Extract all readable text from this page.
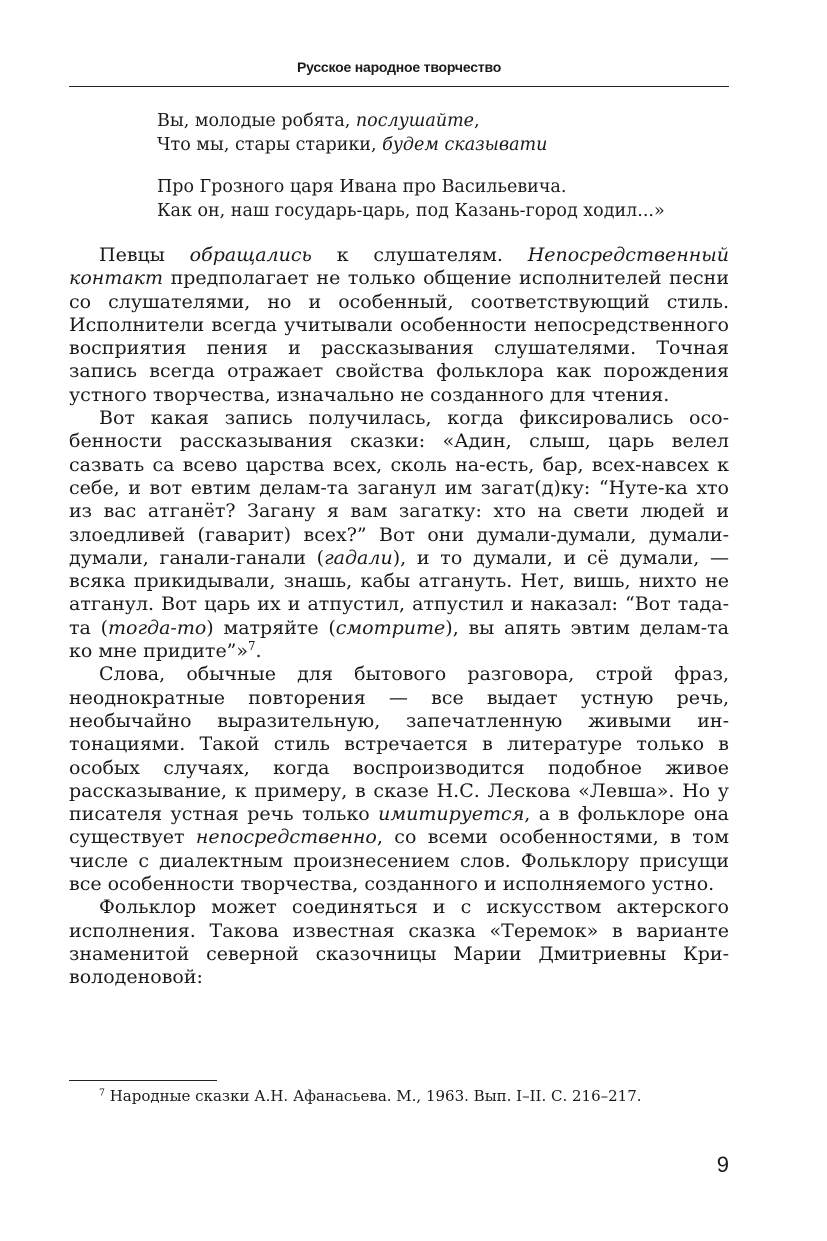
Русское народное творчество
Вы, молодые робята, послушайте,
Что мы, стары старики, будем сказывати
Про Грозного царя Ивана про Васильевича.
Как он, наш государь-царь, под Казань-город ходил...»

Певцы обращались к слушателям. Непосредственный контакт предполагает не только общение исполнителей песни со слушателями, но и особенный, соответствующий стиль. Исполнители всегда учитывали особенности непосредственного восприятия пения и рассказывания слушателями. Точная запись всегда отражает свойства фольклора как порождения устного творчества, изначально не созданного для чтения.

Вот какая запись получилась, когда фиксировались особенности рассказывания сказки: «Адин, слыш, царь велел сазвать са всево царства всех, сколь на-есть, бар, всех-навсех к себе, и вот евтим делам-та заганул им загат(д)ку: “Нуте-ка хто из вас атганёт? Загану я вам загатку: хто на свети людей и злоедливей (гаварит) всех?” Вот они думали-думали, думали-думали, ганали-ганали (гадали), и то думали, и сё думали, — всяка прикидывали, знашь, кабы атгануть. Нет, вишь, нихто не атганул. Вот царь их и атпустил, атпустил и наказал: “Вот тада-та (тогда-то) матряйте (смотрите), вы апять эвтим делам-та ко мне придите”»$^7$.

Слова, обычные для бытового разговора, строй фраз, неоднократные повторения — все выдает устную речь, необычайно выразительную, запечатленную живыми интонациями. Такой стиль встречается в литературе только в особых случаях, когда воспроизводится подобное живое рассказывание, к примеру, в сказе Н.С. Лескова «Левша». Но у писателя устная речь только имитируется, а в фольклоре она существует непосредственно, со всеми особенностями, в том числе с диалектным произнесением слов. Фольклору присущи все особенности творчества, созданного и исполняемого устно.

Фольклор может соединяться и с искусством актерского исполнения. Такова известная сказка «Теремок» в варианте знаменитой северной сказочницы Марии Дмитриевны Криволоденовой:

$^7$ Народные сказки А.Н. Афанасьева. М., 1963. Вып. I–II. С. 216–217.

9
